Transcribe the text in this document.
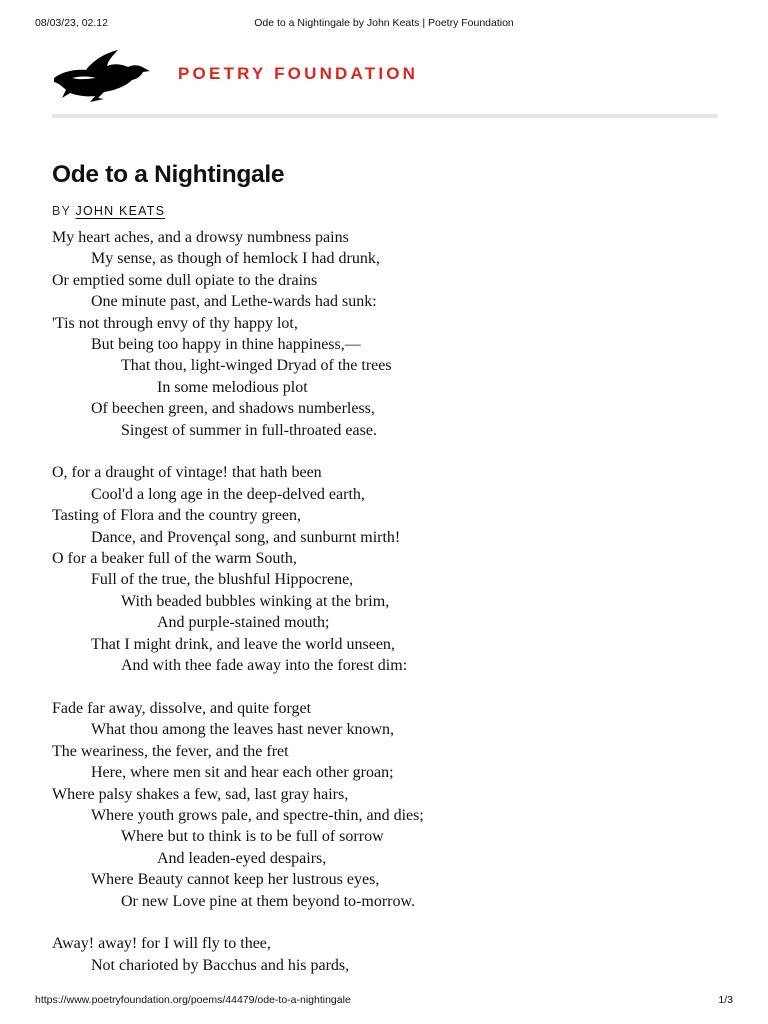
08/03/23, 02.12	Ode to a Nightingale by John Keats | Poetry Foundation
POETRY FOUNDATION
Ode to a Nightingale
BY JOHN KEATS
My heart aches, and a drowsy numbness pains
My sense, as though of hemlock I had drunk,
Or emptied some dull opiate to the drains
One minute past, and Lethe-wards had sunk:
'Tis not through envy of thy happy lot,
But being too happy in thine happiness,—
That thou, light-winged Dryad of the trees
In some melodious plot
Of beechen green, and shadows numberless,
Singest of summer in full-throated ease.
O, for a draught of vintage! that hath been
Cool'd a long age in the deep-delved earth,
Tasting of Flora and the country green,
Dance, and Provençal song, and sunburnt mirth!
O for a beaker full of the warm South,
Full of the true, the blushful Hippocrene,
With beaded bubbles winking at the brim,
And purple-stained mouth;
That I might drink, and leave the world unseen,
And with thee fade away into the forest dim:
Fade far away, dissolve, and quite forget
What thou among the leaves hast never known,
The weariness, the fever, and the fret
Here, where men sit and hear each other groan;
Where palsy shakes a few, sad, last gray hairs,
Where youth grows pale, and spectre-thin, and dies;
Where but to think is to be full of sorrow
And leaden-eyed despairs,
Where Beauty cannot keep her lustrous eyes,
Or new Love pine at them beyond to-morrow.
Away! away! for I will fly to thee,
Not charioted by Bacchus and his pards,
https://www.poetryfoundation.org/poems/44479/ode-to-a-nightingale	1/3
